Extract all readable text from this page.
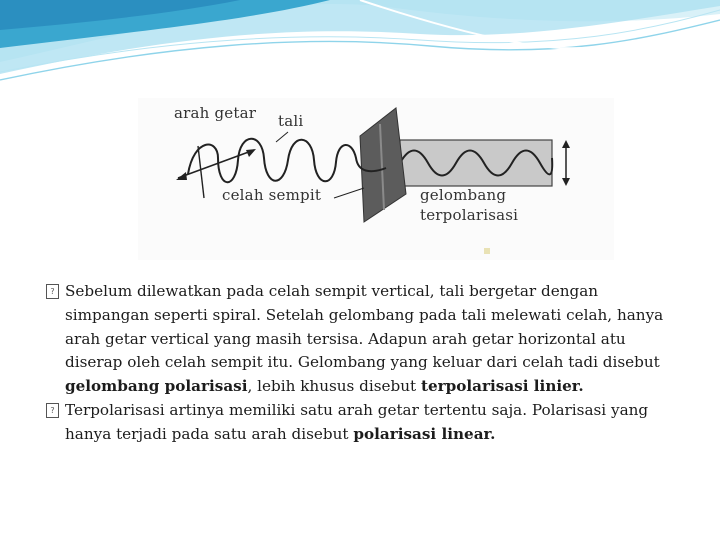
arah getar tali
celah sempit	gelombang
terpolarisasi

? Sebelum dilewatkan pada celah sempit vertical, tali bergetar dengan simpangan seperti spiral. Setelah gelombang pada tali melewati celah, hanya arah getar vertical yang masih tersisa. Adapun arah getar horizontal atu diserap oleh celah sempit itu. Gelombang yang keluar dari celah tadi disebut gelombang polarisasi, lebih khusus disebut terpolarisasi linier.

? Terpolarisasi artinya memiliki satu arah getar tertentu saja. Polarisasi yang hanya terjadi pada satu arah disebut polarisasi linear.
